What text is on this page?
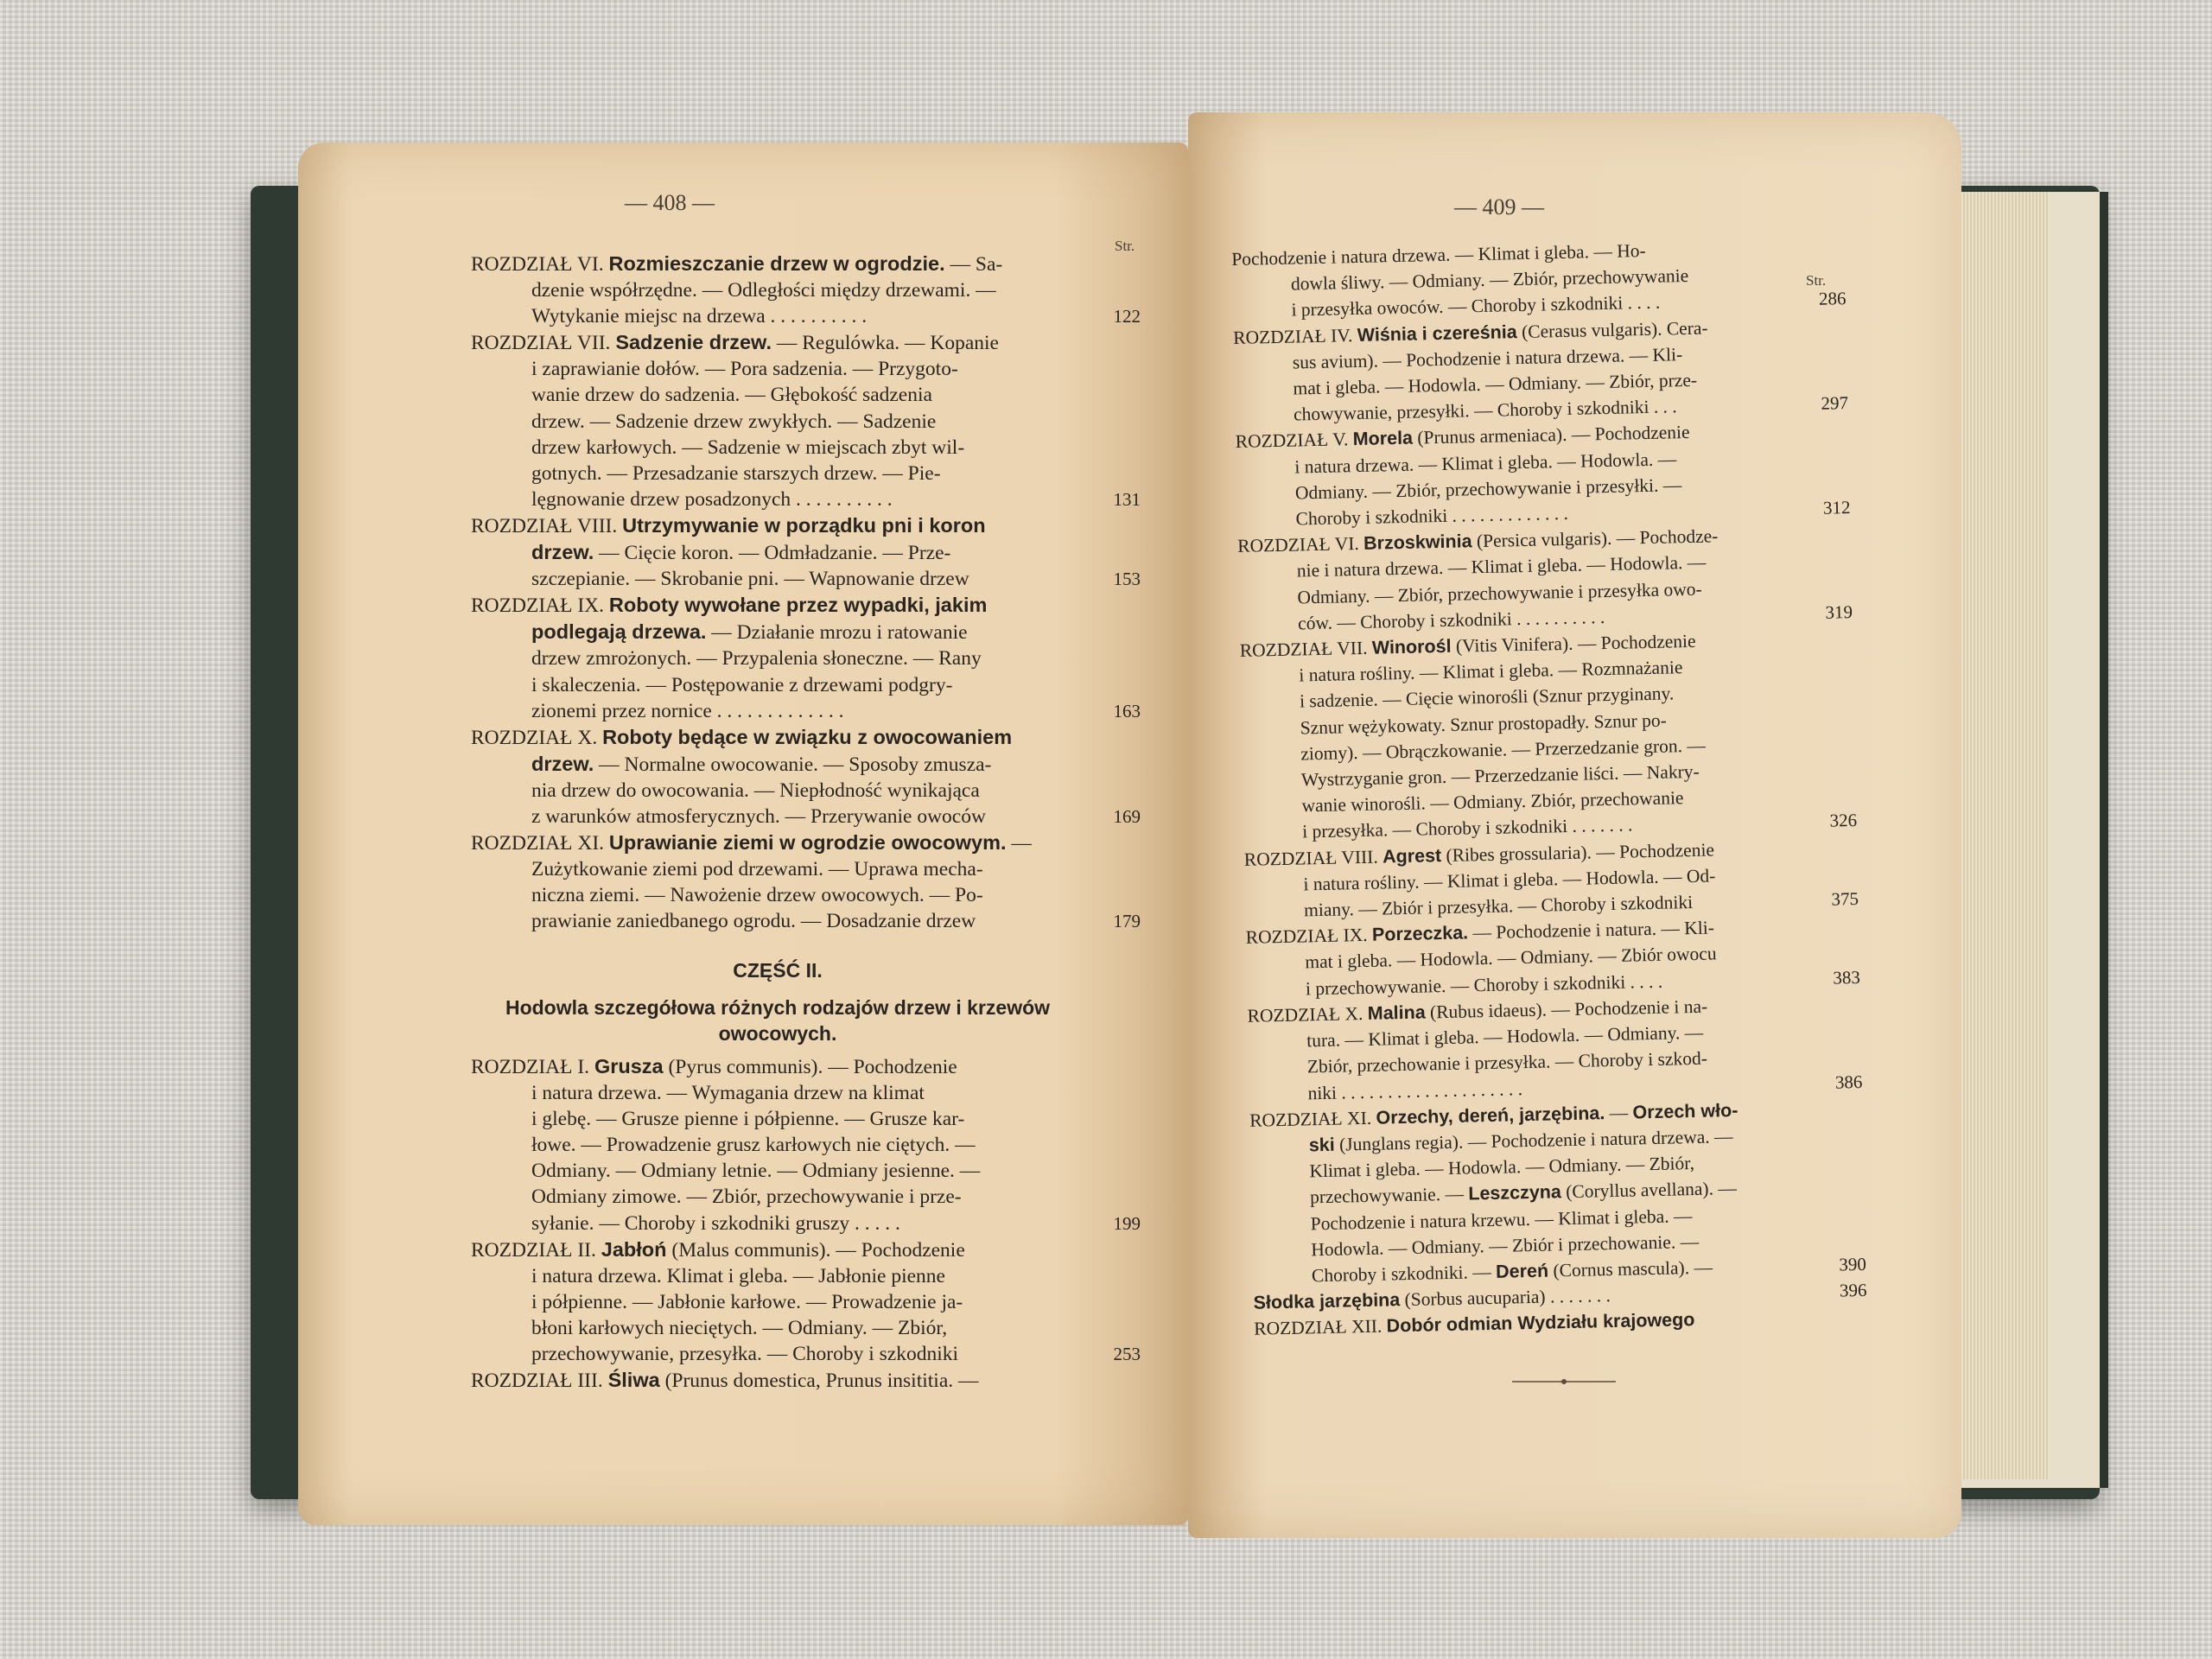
— 408 —
Str.
ROZDZIAŁ VI. Rozmieszczanie drzew w ogrodzie. — Sa-
dzenie współrzędne. — Odległości między drzewami. —
Wytykanie miejsc na drzewa . . . . . . . . . .	122
ROZDZIAŁ VII. Sadzenie drzew. — Regulówka. — Kopanie
i zaprawianie dołów. — Pora sadzenia. — Przygoto-
wanie drzew do sadzenia. — Głębokość sadzenia
drzew. — Sadzenie drzew zwykłych. — Sadzenie
drzew karłowych. — Sadzenie w miejscach zbyt wil-
gotnych. — Przesadzanie starszych drzew. — Pie-
lęgnowanie drzew posadzonych . . . . . . . . . .	131
ROZDZIAŁ VIII. Utrzymywanie w porządku pni i koron
drzew. — Cięcie koron. — Odmładzanie. — Prze-
szczepianie. — Skrobanie pni. — Wapnowanie drzew	153
ROZDZIAŁ IX. Roboty wywołane przez wypadki, jakim
podlegają drzewa. — Działanie mrozu i ratowanie
drzew zmrożonych. — Przypalenia słoneczne. — Rany
i skaleczenia. — Postępowanie z drzewami podgry-
zionemi przez nornice . . . . . . . . . . . . .	163
ROZDZIAŁ X. Roboty będące w związku z owocowaniem
drzew. — Normalne owocowanie. — Sposoby zmusza-
nia drzew do owocowania. — Niepłodność wynikająca
z warunków atmosferycznych. — Przerywanie owoców	169
ROZDZIAŁ XI. Uprawianie ziemi w ogrodzie owocowym. —
Zużytkowanie ziemi pod drzewami. — Uprawa mecha-
niczna ziemi. — Nawożenie drzew owocowych. — Po-
prawianie zaniedbanego ogrodu. — Dosadzanie drzew	179
CZĘŚĆ II.
Hodowla szczegółowa różnych rodzajów drzew i krzewów
owocowych.
ROZDZIAŁ I. Grusza (Pyrus communis). — Pochodzenie
i natura drzewa. — Wymagania drzew na klimat
i glebę. — Grusze pienne i półpienne. — Grusze kar-
łowe. — Prowadzenie grusz karłowych nie ciętych. —
Odmiany. — Odmiany letnie. — Odmiany jesienne. —
Odmiany zimowe. — Zbiór, przechowywanie i prze-
syłanie. — Choroby i szkodniki gruszy . . . . .	199
ROZDZIAŁ II. Jabłoń (Malus communis). — Pochodzenie
i natura drzewa. Klimat i gleba. — Jabłonie pienne
i półpienne. — Jabłonie karłowe. — Prowadzenie ja-
błoni karłowych nieciętych. — Odmiany. — Zbiór,
przechowywanie, przesyłka. — Choroby i szkodniki	253
ROZDZIAŁ III. Śliwa (Prunus domestica, Prunus insititia. —
— 409 —
Str.
Pochodzenie i natura drzewa. — Klimat i gleba. — Ho-
dowla śliwy. — Odmiany. — Zbiór, przechowywanie
i przesyłka owoców. — Choroby i szkodniki . . . .	286
ROZDZIAŁ IV. Wiśnia i czereśnia (Cerasus vulgaris). Cera-
sus avium). — Pochodzenie i natura drzewa. — Kli-
mat i gleba. — Hodowla. — Odmiany. — Zbiór, prze-
chowywanie, przesyłki. — Choroby i szkodniki . . .	297
ROZDZIAŁ V. Morela (Prunus armeniaca). — Pochodzenie
i natura drzewa. — Klimat i gleba. — Hodowla. —
Odmiany. — Zbiór, przechowywanie i przesyłki. —
Choroby i szkodniki . . . . . . . . . . . . .	312
ROZDZIAŁ VI. Brzoskwinia (Persica vulgaris). — Pochodze-
nie i natura drzewa. — Klimat i gleba. — Hodowla. —
Odmiany. — Zbiór, przechowywanie i przesyłka owo-
ców. — Choroby i szkodniki . . . . . . . . . .	319
ROZDZIAŁ VII. Winorośl (Vitis Vinifera). — Pochodzenie
i natura rośliny. — Klimat i gleba. — Rozmnażanie
i sadzenie. — Cięcie winorośli (Sznur przyginany.
Sznur wężykowaty. Sznur prostopadły. Sznur po-
ziomy). — Obrączkowanie. — Przerzedzanie gron. —
Wystrzyganie gron. — Przerzedzanie liści. — Nakry-
wanie winorośli. — Odmiany. Zbiór, przechowanie
i przesyłka. — Choroby i szkodniki . . . . . . .	326
ROZDZIAŁ VIII. Agrest (Ribes grossularia). — Pochodzenie
i natura rośliny. — Klimat i gleba. — Hodowla. — Od-
miany. — Zbiór i przesyłka. — Choroby i szkodniki	375
ROZDZIAŁ IX. Porzeczka. — Pochodzenie i natura. — Kli-
mat i gleba. — Hodowla. — Odmiany. — Zbiór owocu
i przechowywanie. — Choroby i szkodniki . . . .	383
ROZDZIAŁ X. Malina (Rubus idaeus). — Pochodzenie i na-
tura. — Klimat i gleba. — Hodowla. — Odmiany. —
Zbiór, przechowanie i przesyłka. — Choroby i szkod-
niki . . . . . . . . . . . . . . . . . . . .	386
ROZDZIAŁ XI. Orzechy, dereń, jarzębina. — Orzech wło-
ski (Junglans regia). — Pochodzenie i natura drzewa. —
Klimat i gleba. — Hodowla. — Odmiany. — Zbiór,
przechowywanie. — Leszczyna (Coryllus avellana). —
Pochodzenie i natura krzewu. — Klimat i gleba. —
Hodowla. — Odmiany. — Zbiór i przechowanie. —
Choroby i szkodniki. — Dereń (Cornus mascula). —	390
Słodka jarzębina (Sorbus aucuparia) . . . . . . .	396
ROZDZIAŁ XII. Dobór odmian Wydziału krajowego
